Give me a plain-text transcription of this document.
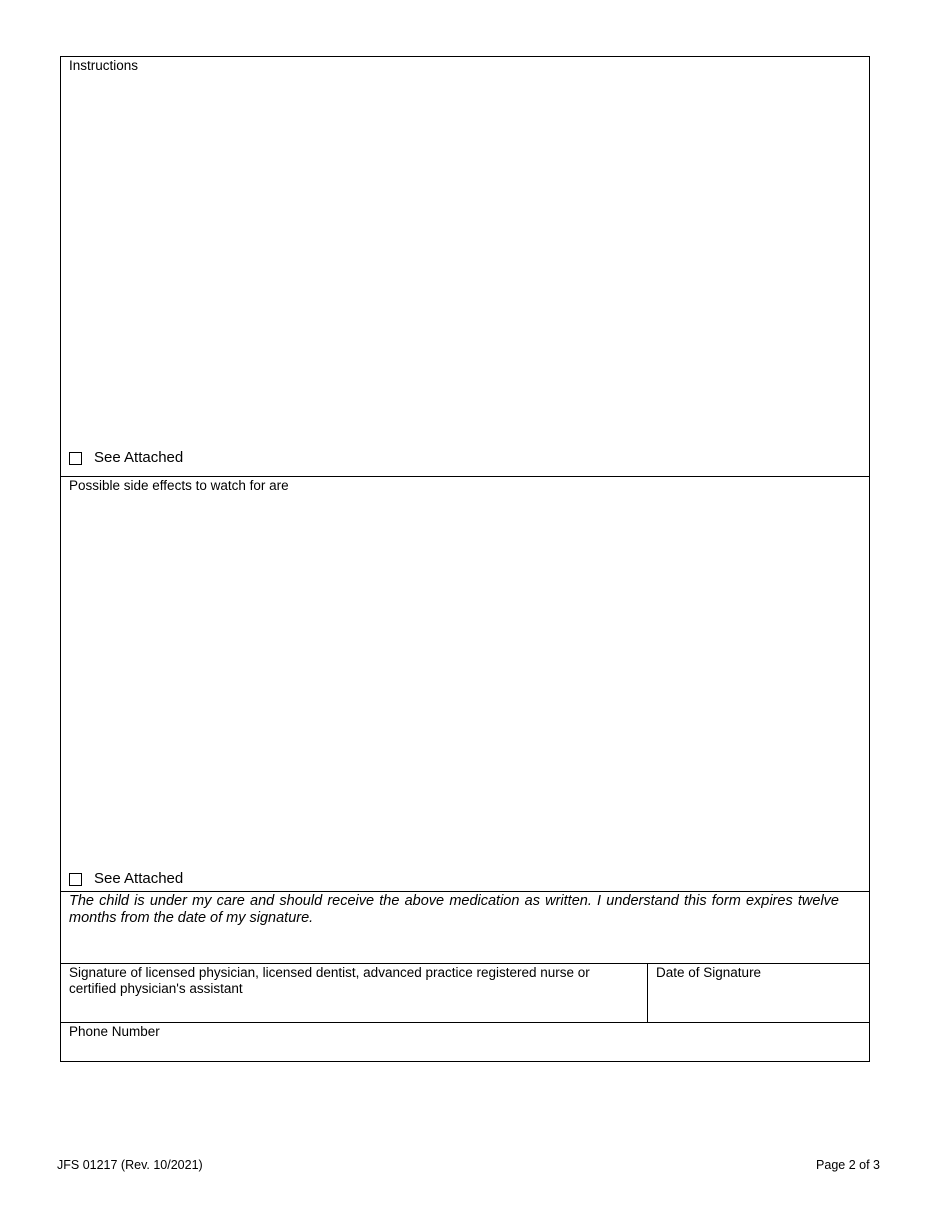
Instructions
See Attached
Possible side effects to watch for are
See Attached
The child is under my care and should receive the above medication as written. I understand this form expires twelve months from the date of my signature.
Signature of licensed physician, licensed dentist, advanced practice registered nurse or certified physician's assistant
Date of Signature
Phone Number
JFS 01217 (Rev. 10/2021)	Page 2 of 3
